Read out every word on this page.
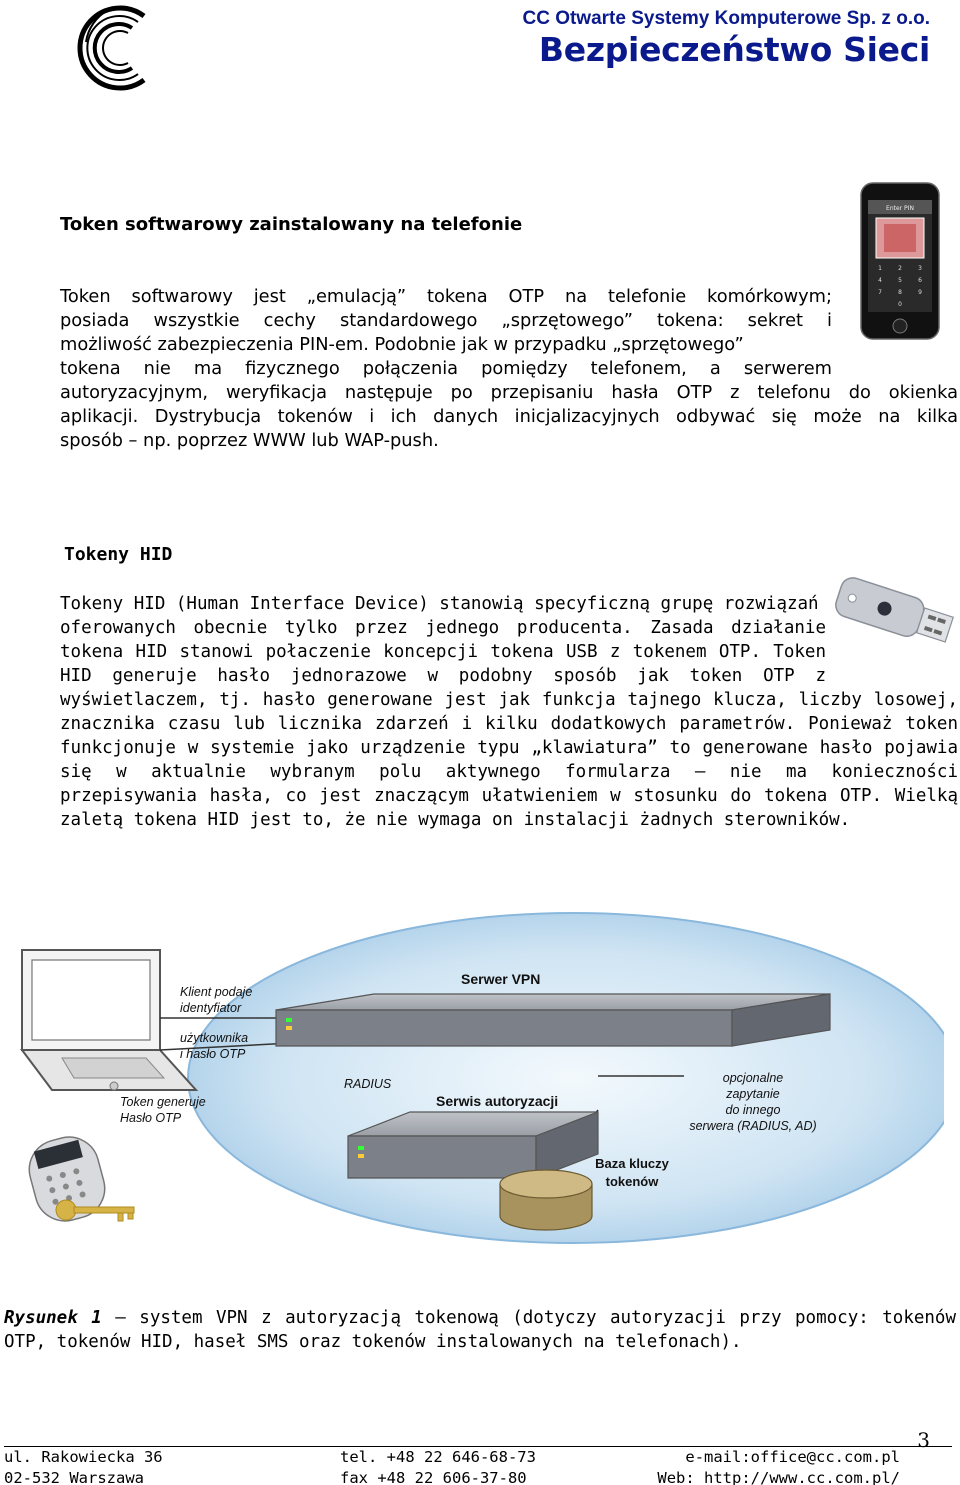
CC Otwarte Systemy Komputerowe Sp. z o.o.
Bezpieczeństwo Sieci
Token softwarowy zainstalowany na telefonie
Enter PIN
1	2	3
4	5	6
7	8	9
0
Token softwarowy jest „emulacją” tokena OTP na telefonie komórkowym;
posiada wszystkie cechy standardowego „sprzętowego” tokena: sekret i
możliwość zabezpieczenia PIN-em. Podobnie jak w przypadku „sprzętowego”
tokena nie ma fizycznego połączenia pomiędzy telefonem, a serwerem
autoryzacyjnym, weryfikacja następuje po przepisaniu hasła OTP z telefonu do okienka
aplikacji. Dystrybucja tokenów i ich danych inicjalizacyjnych odbywać się może na kilka
sposób – np. poprzez WWW lub WAP-push.
Tokeny HID
Tokeny HID (Human Interface Device) stanowią specyficzną grupę rozwiązań
oferowanych obecnie tylko przez jednego producenta. Zasada działanie
tokena HID stanowi połaczenie koncepcji tokena USB z tokenem OTP. Token
HID generuje hasło jednorazowe w podobny sposób jak token OTP z
wyświetlaczem, tj. hasło generowane jest jak funkcja tajnego klucza, liczby losowej,
znacznika czasu lub licznika zdarzeń i kilku dodatkowych parametrów. Ponieważ token
funkcjonuje w systemie jako urządzenie typu „klawiatura” to generowane hasło pojawia
się w aktualnie wybranym polu aktywnego formularza – nie ma konieczności
przepisywania hasła, co jest znaczącym ułatwieniem w stosunku do tokena OTP. Wielką
zaletą tokena HID jest to, że nie wymaga on instalacji żadnych sterowników.
Klient podaje
identyfiator
użytkownika
i hasło OTP
Token generuje
Hasło OTP
Serwer VPN
RADIUS
Serwis autoryzacji
Baza kluczy
tokenów
opcjonalne
zapytanie
do innego
serwera (RADIUS, AD)
Rysunek 1 – system VPN z autoryzacją tokenową (dotyczy autoryzacji przy pomocy: tokenów
OTP, tokenów HID, haseł SMS oraz tokenów instalowanych na telefonach).
3
ul. Rakowiecka 36
02-532 Warszawa
tel. +48 22 646-68-73
fax +48 22 606-37-80
e-mail:office@cc.com.pl
Web: http://www.cc.com.pl/
